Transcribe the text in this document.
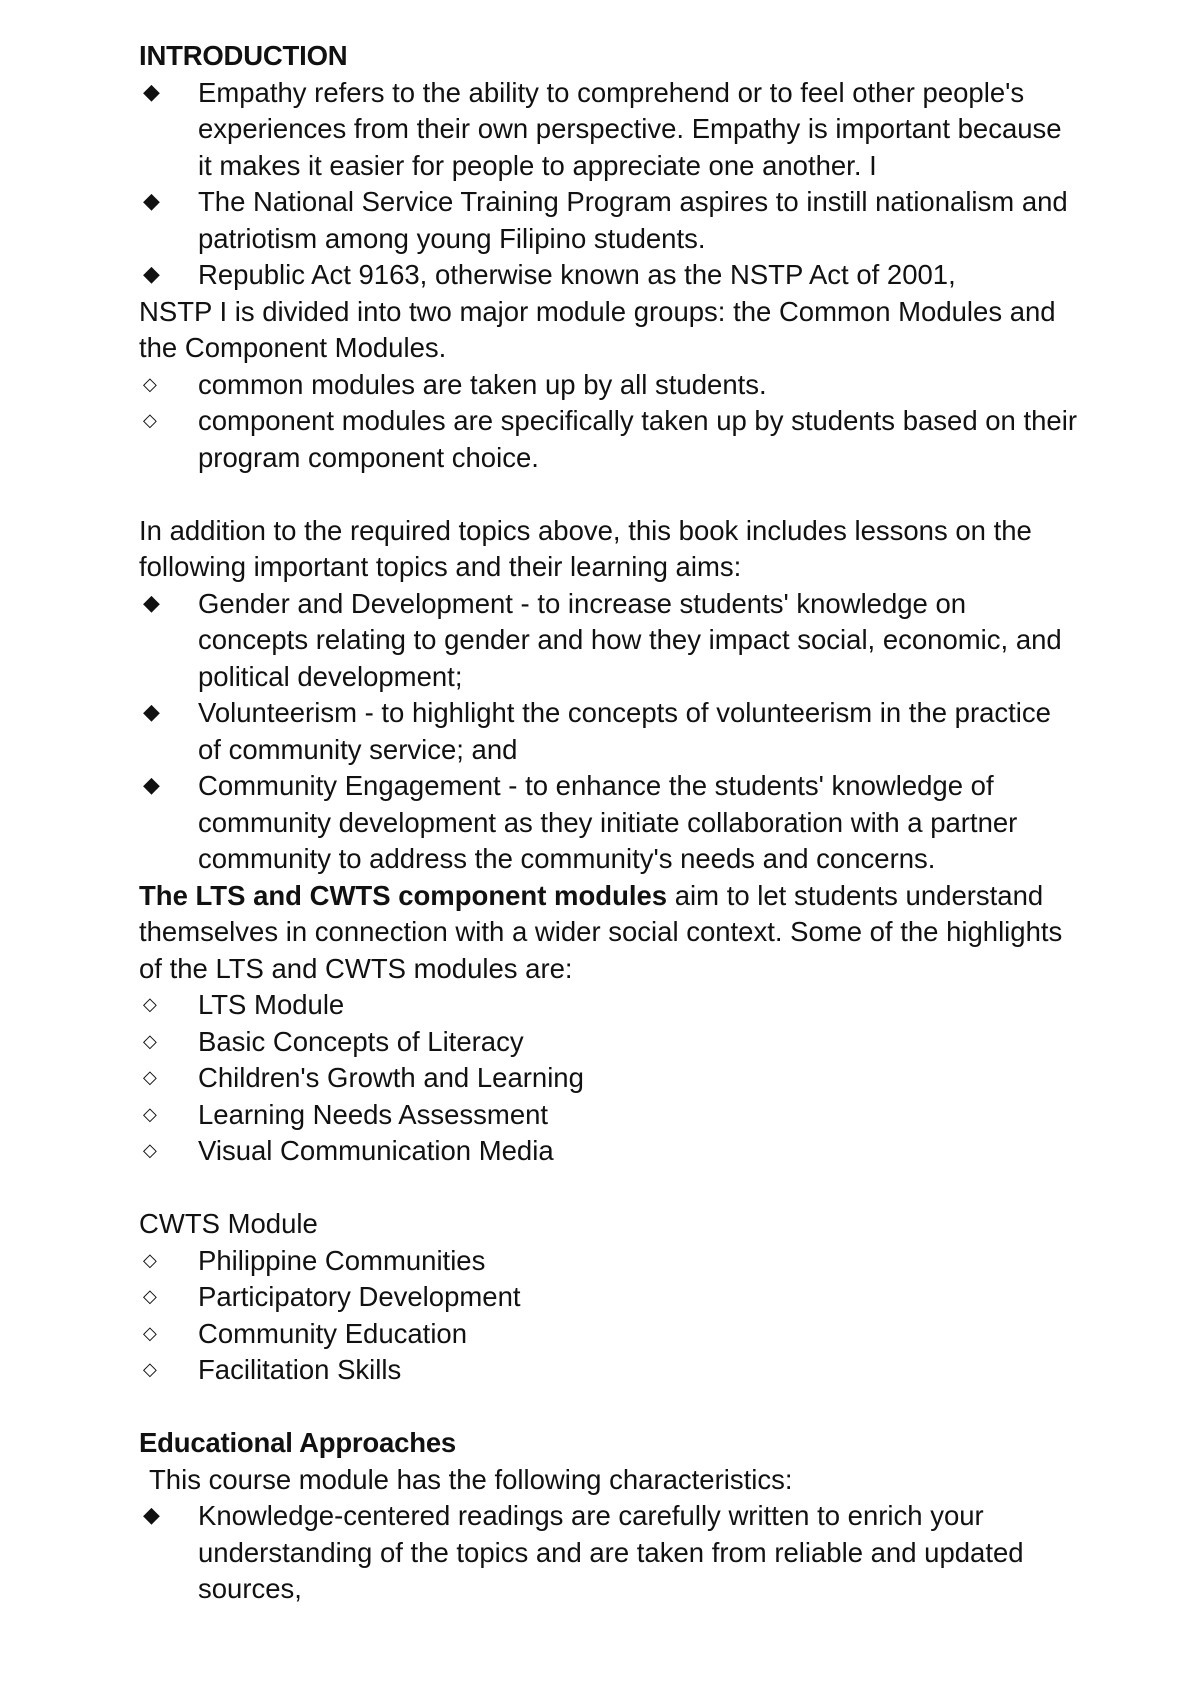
INTRODUCTION
◆	Empathy refers to the ability to comprehend or to feel other people's experiences from their own perspective. Empathy is important because it makes it easier for people to appreciate one another. I
◆	The National Service Training Program aspires to instill nationalism and patriotism among young Filipino students.
◆	Republic Act 9163, otherwise known as the NSTP Act of 2001,
NSTP I is divided into two major module groups: the Common Modules and the Component Modules.
◇	common modules are taken up by all students.
◇	component modules are specifically taken up by students based on their program component choice.
In addition to the required topics above, this book includes lessons on the following important topics and their learning aims:
◆	Gender and Development - to increase students' knowledge on concepts relating to gender and how they impact social, economic, and political development;
◆	Volunteerism - to highlight the concepts of volunteerism in the practice of community service; and
◆	Community Engagement - to enhance the students' knowledge of community development as they initiate collaboration with a partner community to address the community's needs and concerns.
The LTS and CWTS component modules aim to let students understand themselves in connection with a wider social context. Some of the highlights of the LTS and CWTS modules are:
◇	LTS Module
◇	Basic Concepts of Literacy
◇	Children's Growth and Learning
◇	Learning Needs Assessment
◇	Visual Communication Media
CWTS Module
◇	Philippine Communities
◇	Participatory Development
◇	Community Education
◇	Facilitation Skills
Educational Approaches
This course module has the following characteristics:
◆	Knowledge-centered readings are carefully written to enrich your understanding of the topics and are taken from reliable and updated sources,
